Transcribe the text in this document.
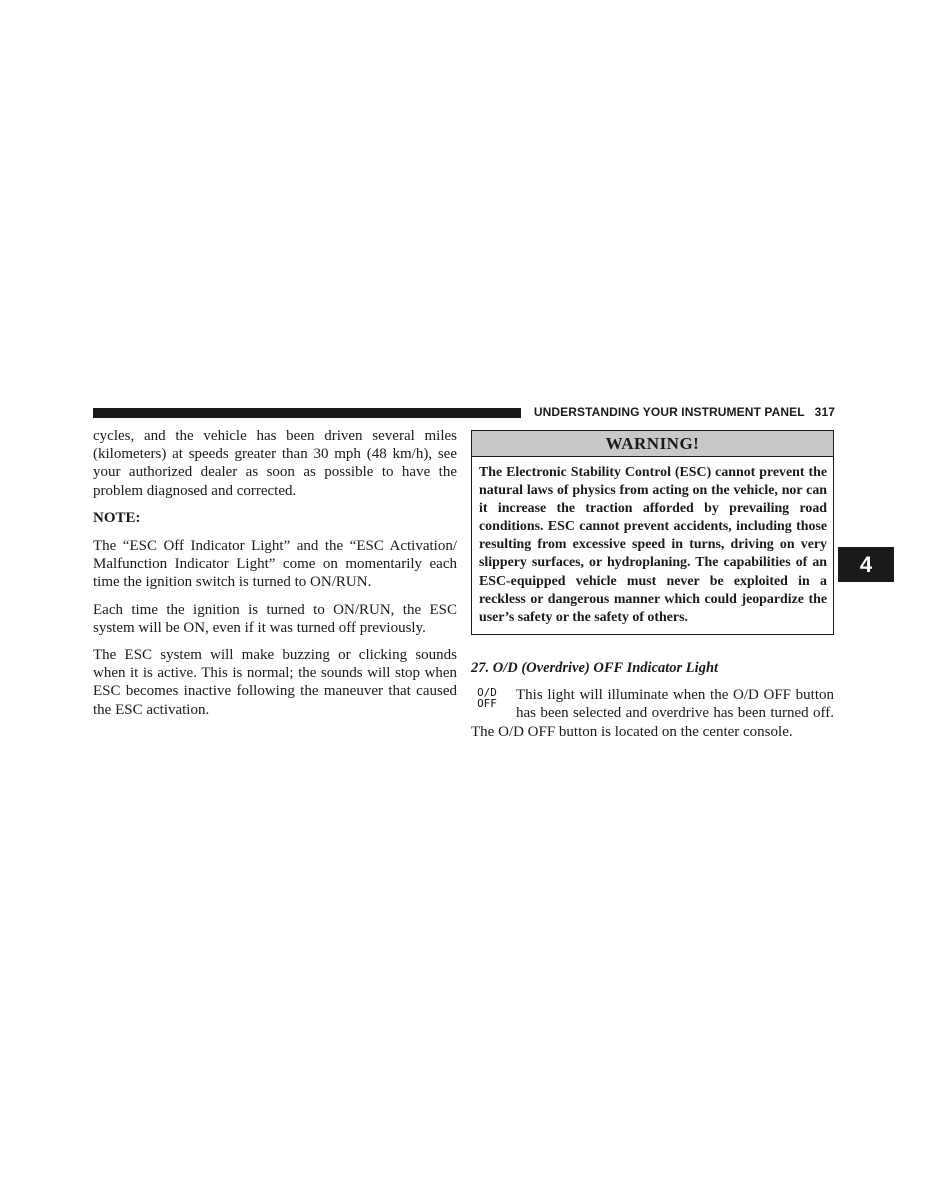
UNDERSTANDING YOUR INSTRUMENT PANEL 317
4

cycles, and the vehicle has been driven several miles (kilometers) at speeds greater than 30 mph (48 km/h), see your authorized dealer as soon as possible to have the problem diagnosed and corrected.

NOTE:

The “ESC Off Indicator Light” and the “ESC Activation/ Malfunction Indicator Light” come on momentarily each time the ignition switch is turned to ON/RUN.

Each time the ignition is turned to ON/RUN, the ESC system will be ON, even if it was turned off previously.

The ESC system will make buzzing or clicking sounds when it is active. This is normal; the sounds will stop when ESC becomes inactive following the maneuver that caused the ESC activation.

WARNING!
The Electronic Stability Control (ESC) cannot prevent the natural laws of physics from acting on the vehicle, nor can it increase the traction afforded by prevailing road conditions. ESC cannot prevent accidents, including those resulting from excessive speed in turns, driving on very slippery surfaces, or hydroplaning. The capabilities of an ESC-equipped vehicle must never be exploited in a reckless or dangerous manner which could jeopardize the user’s safety or the safety of others.
27. O/D (Overdrive) OFF Indicator Light
O/D
OFF
This light will illuminate when the O/D OFF button has been selected and overdrive has been turned off. The O/D OFF button is located on the center console.
